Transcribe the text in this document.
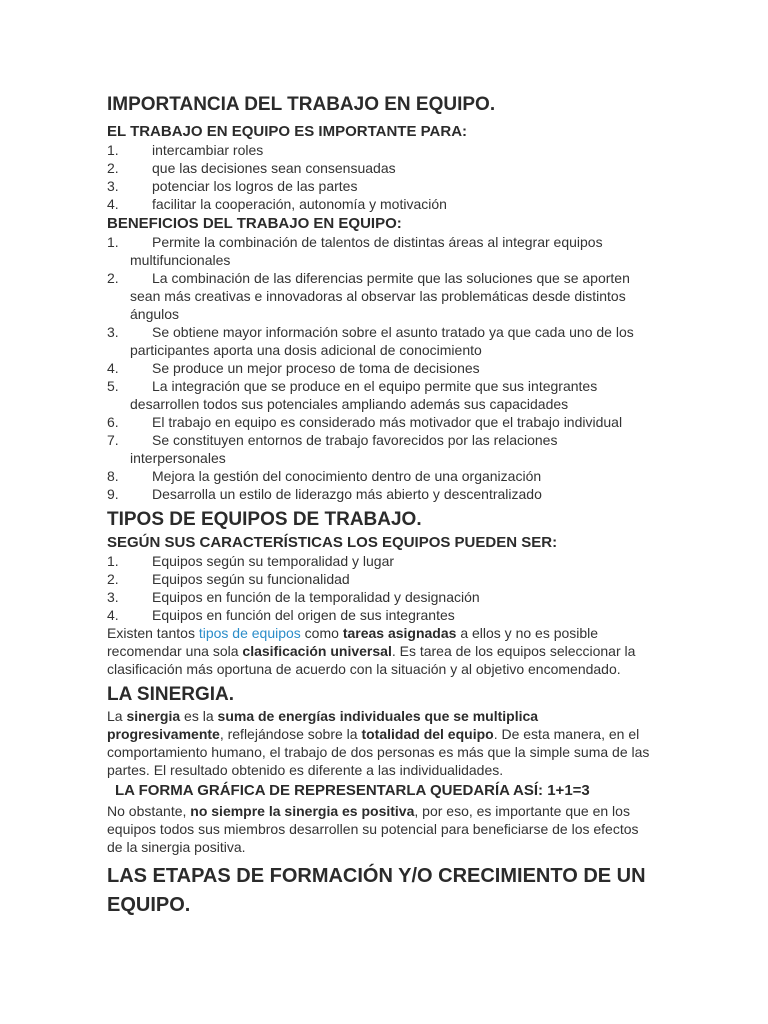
IMPORTANCIA DEL TRABAJO EN EQUIPO.
EL TRABAJO EN EQUIPO ES IMPORTANTE PARA:
1. intercambiar roles
2. que las decisiones sean consensuadas
3. potenciar los logros de las partes
4. facilitar la cooperación, autonomía y motivación
BENEFICIOS DEL TRABAJO EN EQUIPO:
1. Permite la combinación de talentos de distintas áreas al integrar equipos multifuncionales
2. La combinación de las diferencias permite que las soluciones que se aporten sean más creativas e innovadoras al observar las problemáticas desde distintos ángulos
3. Se obtiene mayor información sobre el asunto tratado ya que cada uno de los participantes aporta una dosis adicional de conocimiento
4. Se produce un mejor proceso de toma de decisiones
5. La integración que se produce en el equipo permite que sus integrantes desarrollen todos sus potenciales ampliando además sus capacidades
6. El trabajo en equipo es considerado más motivador que el trabajo individual
7. Se constituyen entornos de trabajo favorecidos por las relaciones interpersonales
8. Mejora la gestión del conocimiento dentro de una organización
9. Desarrolla un estilo de liderazgo más abierto y descentralizado
TIPOS DE EQUIPOS DE TRABAJO.
SEGÚN SUS CARACTERÍSTICAS LOS EQUIPOS PUEDEN SER:
1. Equipos según su temporalidad y lugar
2. Equipos según su funcionalidad
3. Equipos en función de la temporalidad y designación
4. Equipos en función del origen de sus integrantes

Existen tantos tipos de equipos como tareas asignadas a ellos y no es posible recomendar una sola clasificación universal. Es tarea de los equipos seleccionar la clasificación más oportuna de acuerdo con la situación y al objetivo encomendado.

LA SINERGIA.

La sinergia es la suma de energías individuales que se multiplica progresivamente, reflejándose sobre la totalidad del equipo. De esta manera, en el comportamiento humano, el trabajo de dos personas es más que la simple suma de las partes. El resultado obtenido es diferente a las individualidades.

LA FORMA GRÁFICA DE REPRESENTARLA QUEDARÍA ASÍ: 1+1=3

No obstante, no siempre la sinergia es positiva, por eso, es importante que en los equipos todos sus miembros desarrollen su potencial para beneficiarse de los efectos de la sinergia positiva.

LAS ETAPAS DE FORMACIÓN Y/O CRECIMIENTO DE UN EQUIPO.
